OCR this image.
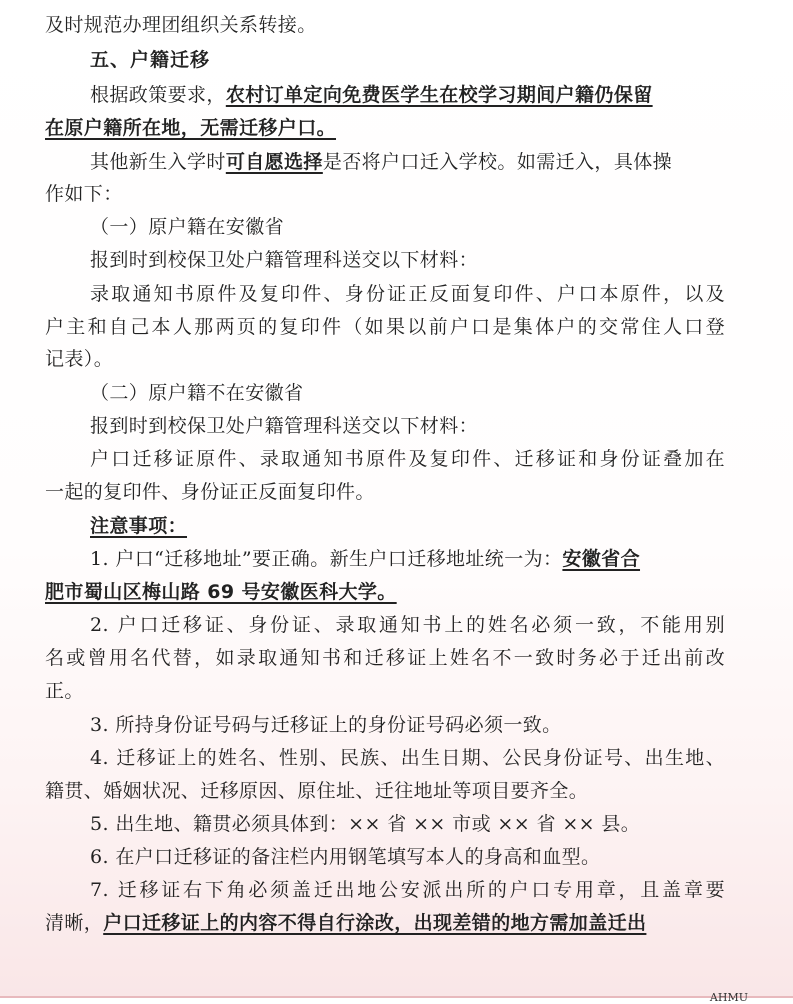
及时规范办理团组织关系转接。
五、户籍迁移
根据政策要求，农村订单定向免费医学生在校学习期间户籍仍保留
在原户籍所在地，无需迁移户口。
其他新生入学时可自愿选择是否将户口迁入学校。如需迁入，具体操
作如下：
（一）原户籍在安徽省
报到时到校保卫处户籍管理科送交以下材料：
录取通知书原件及复印件、身份证正反面复印件、户口本原件，以及
户主和自己本人那两页的复印件（如果以前户口是集体户的交常住人口登
记表）。
（二）原户籍不在安徽省
报到时到校保卫处户籍管理科送交以下材料：
户口迁移证原件、录取通知书原件及复印件、迁移证和身份证叠加在
一起的复印件、身份证正反面复印件。
注意事项：
1. 户口“迁移地址”要正确。新生户口迁移地址统一为：安徽省合
肥市蜀山区梅山路 69 号安徽医科大学。
2. 户口迁移证、身份证、录取通知书上的姓名必须一致，不能用别
名或曾用名代替，如录取通知书和迁移证上姓名不一致时务必于迁出前改
正。
3. 所持身份证号码与迁移证上的身份证号码必须一致。
4. 迁移证上的姓名、性别、民族、出生日期、公民身份证号、出生地、
籍贯、婚姻状况、迁移原因、原住址、迁往地址等项目要齐全。
5. 出生地、籍贯必须具体到：×× 省 ×× 市或 ×× 省 ×× 县。
6. 在户口迁移证的备注栏内用钢笔填写本人的身高和血型。
7. 迁移证右下角必须盖迁出地公安派出所的户口专用章，且盖章要
清晰，户口迁移证上的内容不得自行涂改，出现差错的地方需加盖迁出
AHMU
